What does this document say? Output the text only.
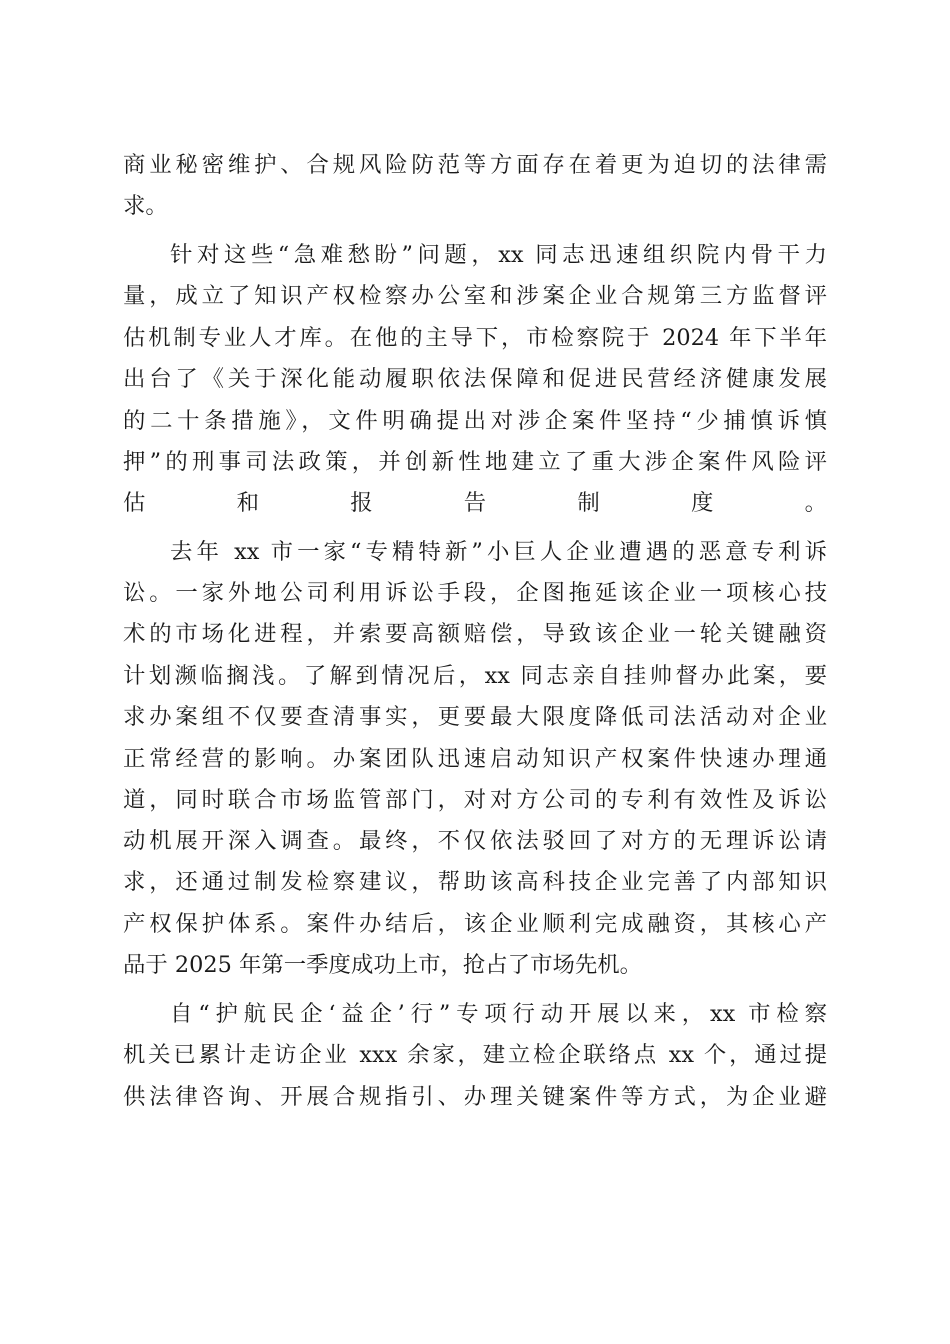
商业秘密维护、合规风险防范等方面存在着更为迫切的法律需
求。
针对这些“急难愁盼”问题，xx 同志迅速组织院内骨干力
量，成立了知识产权检察办公室和涉案企业合规第三方监督评
估机制专业人才库。在他的主导下，市检察院于 2024 年下半年
出台了《关于深化能动履职依法保障和促进民营经济健康发展
的二十条措施》，文件明确提出对涉企案件坚持“少捕慎诉慎
押”的刑事司法政策，并创新性地建立了重大涉企案件风险评
估和报告制度。
去年 xx 市一家“专精特新”小巨人企业遭遇的恶意专利诉
讼。一家外地公司利用诉讼手段，企图拖延该企业一项核心技
术的市场化进程，并索要高额赔偿，导致该企业一轮关键融资
计划濒临搁浅。了解到情况后，xx 同志亲自挂帅督办此案，要
求办案组不仅要查清事实，更要最大限度降低司法活动对企业
正常经营的影响。办案团队迅速启动知识产权案件快速办理通
道，同时联合市场监管部门，对对方公司的专利有效性及诉讼
动机展开深入调查。最终，不仅依法驳回了对方的无理诉讼请
求，还通过制发检察建议，帮助该高科技企业完善了内部知识
产权保护体系。案件办结后，该企业顺利完成融资，其核心产
品于 2025 年第一季度成功上市，抢占了市场先机。
自“护航民企‘益企’行”专项行动开展以来，xx 市检察
机关已累计走访企业 xxx 余家，建立检企联络点 xx 个，通过提
供法律咨询、开展合规指引、办理关键案件等方式，为企业避
